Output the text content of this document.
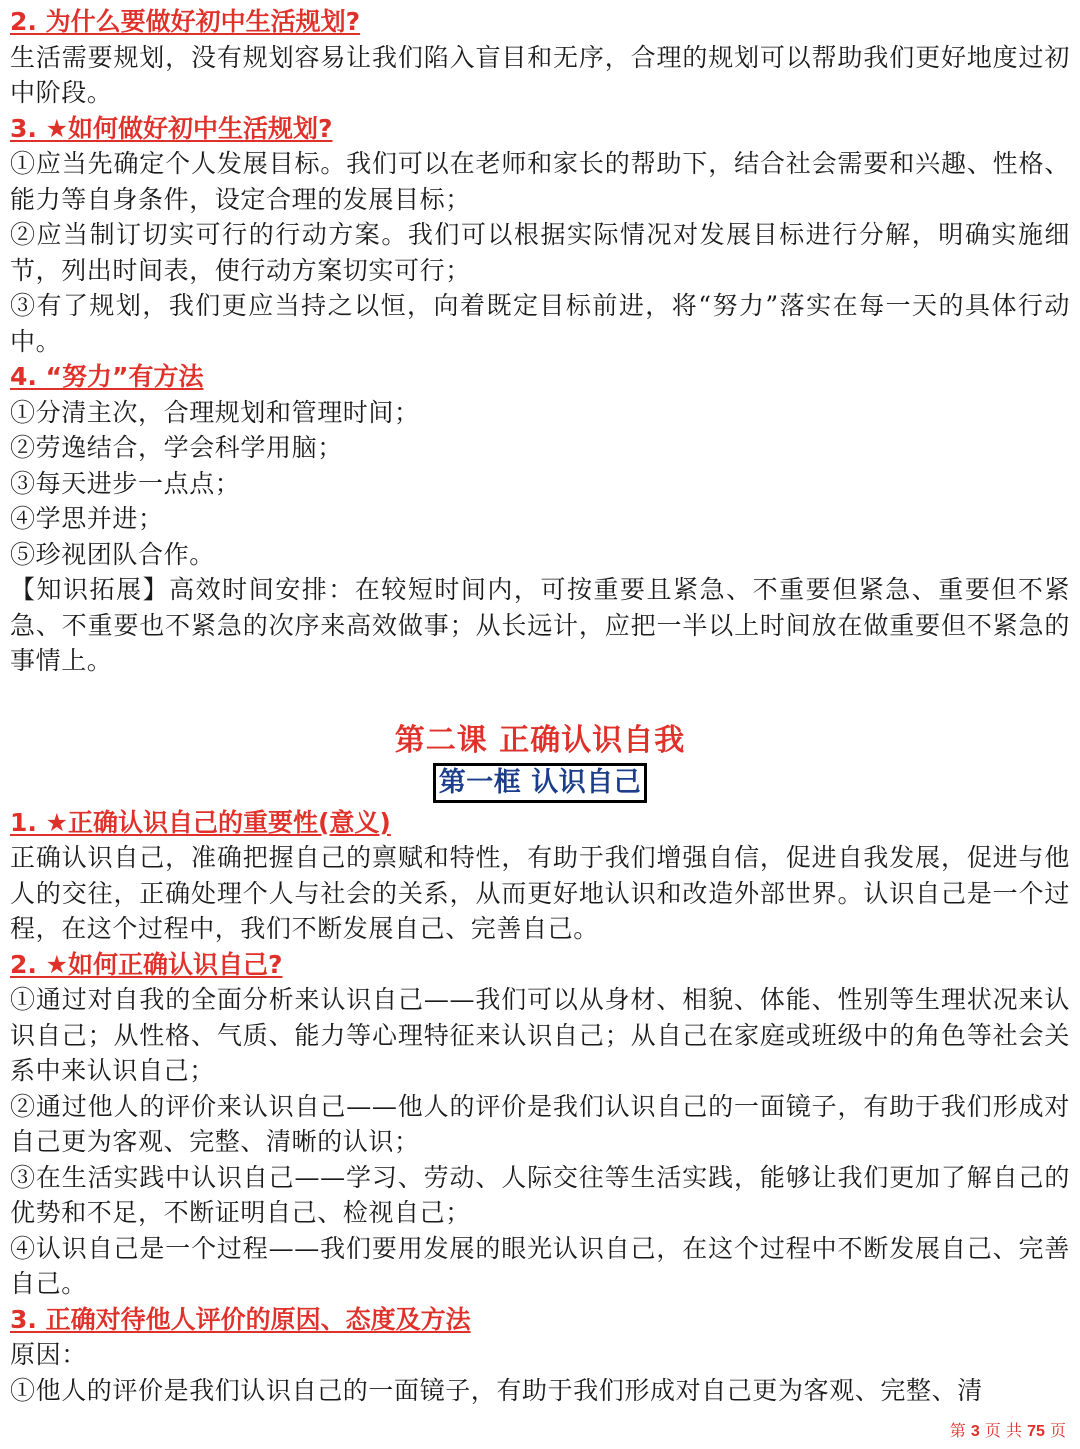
2. 为什么要做好初中生活规划?
生活需要规划，没有规划容易让我们陷入盲目和无序，合理的规划可以帮助我们更好地度过初中阶段。
3. ★如何做好初中生活规划?
①应当先确定个人发展目标。我们可以在老师和家长的帮助下，结合社会需要和兴趣、性格、能力等自身条件，设定合理的发展目标；
②应当制订切实可行的行动方案。我们可以根据实际情况对发展目标进行分解，明确实施细节，列出时间表，使行动方案切实可行；
③有了规划，我们更应当持之以恒，向着既定目标前进，将“努力”落实在每一天的具体行动中。
4. “努力”有方法
①分清主次，合理规划和管理时间；
②劳逸结合，学会科学用脑；
③每天进步一点点；
④学思并进；
⑤珍视团队合作。
【知识拓展】高效时间安排：在较短时间内，可按重要且紧急、不重要但紧急、重要但不紧急、不重要也不紧急的次序来高效做事；从长远计，应把一半以上时间放在做重要但不紧急的事情上。
第二课 正确认识自我
第一框 认识自己
1. ★正确认识自己的重要性(意义)
正确认识自己，准确把握自己的禀赋和特性，有助于我们增强自信，促进自我发展，促进与他人的交往，正确处理个人与社会的关系，从而更好地认识和改造外部世界。认识自己是一个过程，在这个过程中，我们不断发展自己、完善自己。
2. ★如何正确认识自己?
①通过对自我的全面分析来认识自己——我们可以从身材、相貌、体能、性别等生理状况来认识自己；从性格、气质、能力等心理特征来认识自己；从自己在家庭或班级中的角色等社会关系中来认识自己；
②通过他人的评价来认识自己——他人的评价是我们认识自己的一面镜子，有助于我们形成对自己更为客观、完整、清晰的认识；
③在生活实践中认识自己——学习、劳动、人际交往等生活实践，能够让我们更加了解自己的优势和不足，不断证明自己、检视自己；
④认识自己是一个过程——我们要用发展的眼光认识自己，在这个过程中不断发展自己、完善自己。
3. 正确对待他人评价的原因、态度及方法
原因：
①他人的评价是我们认识自己的一面镜子，有助于我们形成对自己更为客观、完整、清
第 3 页 共 75 页
